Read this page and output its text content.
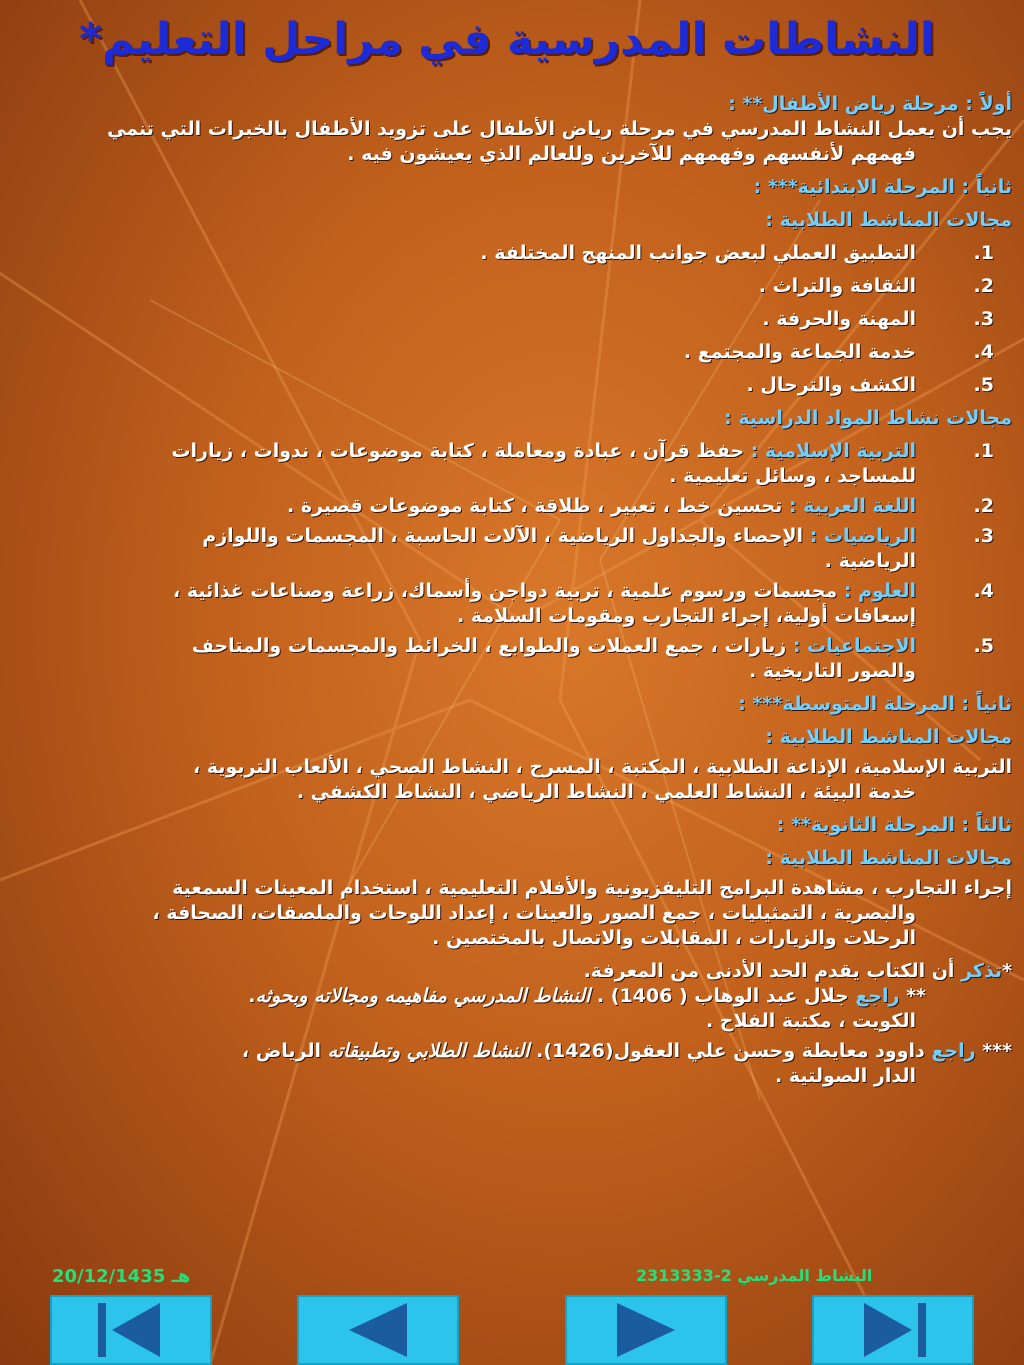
النشاطات المدرسية في مراحل التعليم*
أولاً : مرحلة رياض الأطفال** :
يجب أن يعمل النشاط المدرسي في مرحلة رياض الأطفال على تزويد الأطفال بالخبرات التي تنمي
فهمهم لأنفسهم وفهمهم للآخرين وللعالم الذي يعيشون فيه .
ثانياً : المرحلة الابتدائية*** :
مجالات المناشط الطلابية :
1.
التطبيق العملي لبعض جوانب المنهج المختلفة .
2.
الثقافة والتراث .
3.
المهنة والحرفة .
4.
خدمة الجماعة والمجتمع .
5.
الكشف والترحال .
مجالات نشاط المواد الدراسية :
1.
التربية الإسلامية : حفظ قرآن ، عبادة ومعاملة ، كتابة موضوعات ، ندوات ، زيارات
للمساجد ، وسائل تعليمية .
2.
اللغة العربية : تحسين خط ، تعبير ، طلاقة ، كتابة موضوعات قصيرة .
3.
الرياضيات : الإحصاء والجداول الرياضية ، الآلات الحاسبة ، المجسمات واللوازم
الرياضية .
4.
العلوم : مجسمات ورسوم علمية ، تربية دواجن وأسماك، زراعة وصناعات غذائية ،
إسعافات أولية، إجراء التجارب ومقومات السلامة .
5.
الاجتماعيات : زيارات ، جمع العملات والطوابع ، الخرائط والمجسمات والمتاحف
والصور التاريخية .
ثانياً : المرحلة المتوسطة*** :
مجالات المناشط الطلابية :
التربية الإسلامية، الإذاعة الطلابية ، المكتبة ، المسرح ، النشاط الصحي ، الألعاب التربوية ،
خدمة البيئة ، النشاط العلمي ، النشاط الرياضي ، النشاط الكشفي .
ثالثاً : المرحلة الثانوية** :
مجالات المناشط الطلابية :
إجراء التجارب ، مشاهدة البرامج التليفزيونية والأفلام التعليمية ، استخدام المعينات السمعية
والبصرية ، التمثيليات ، جمع الصور والعينات ، إعداد اللوحات والملصقات، الصحافة ،
الرحلات والزيارات ، المقابلات والاتصال بالمختصين .
*تذكر أن الكتاب يقدم الحد الأدنى من المعرفة.
** راجع جلال عبد الوهاب ( 1406) . النشاط المدرسي مفاهيمه ومجالاته وبحوثه.
الكويت ، مكتبة الفلاح .
*** راجع داوود معايطة وحسن علي العقول(1426). النشاط الطلابي وتطبيقاته الرياض ،
الدار الصولتية .
20/12/1435 هـ	النشاط المدرسي 2-2313333
